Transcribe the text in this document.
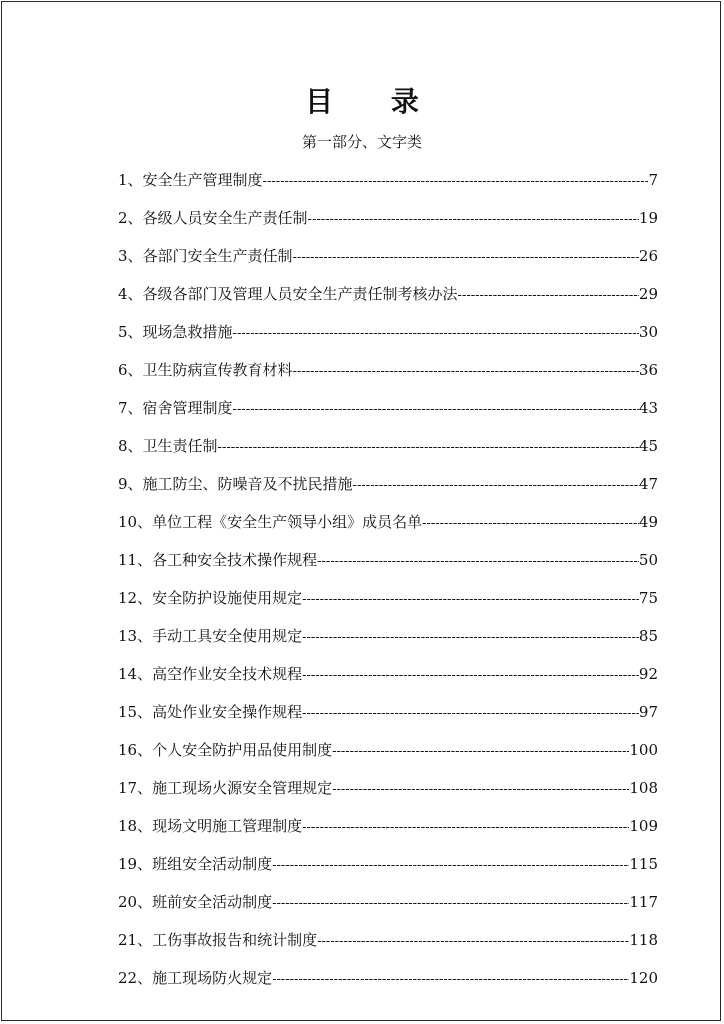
目 录
第一部分、文字类
1、安全生产管理制度 -----	7
2、各级人员安全生产责任制 -----	19
3、各部门安全生产责任制 -----	26
4、各级各部门及管理人员安全生产责任制考核办法 -----	29
5、现场急救措施 -----	30
6、卫生防病宣传教育材料 -----	36
7、宿舍管理制度 -----	43
8、卫生责任制 -----	45
9、施工防尘、防噪音及不扰民措施 -----	47
10、单位工程《安全生产领导小组》成员名单 -----	49
11、各工种安全技术操作规程 -----	50
12、安全防护设施使用规定 -----	75
13、手动工具安全使用规定 -----	85
14、高空作业安全技术规程 -----	92
15、高处作业安全操作规程 -----	97
16、个人安全防护用品使用制度 -----	100
17、施工现场火源安全管理规定 -----	108
18、现场文明施工管理制度 -----	109
19、班组安全活动制度 -----	115
20、班前安全活动制度 -----	117
21、工伤事故报告和统计制度 -----	118
22、施工现场防火规定 -----	120
